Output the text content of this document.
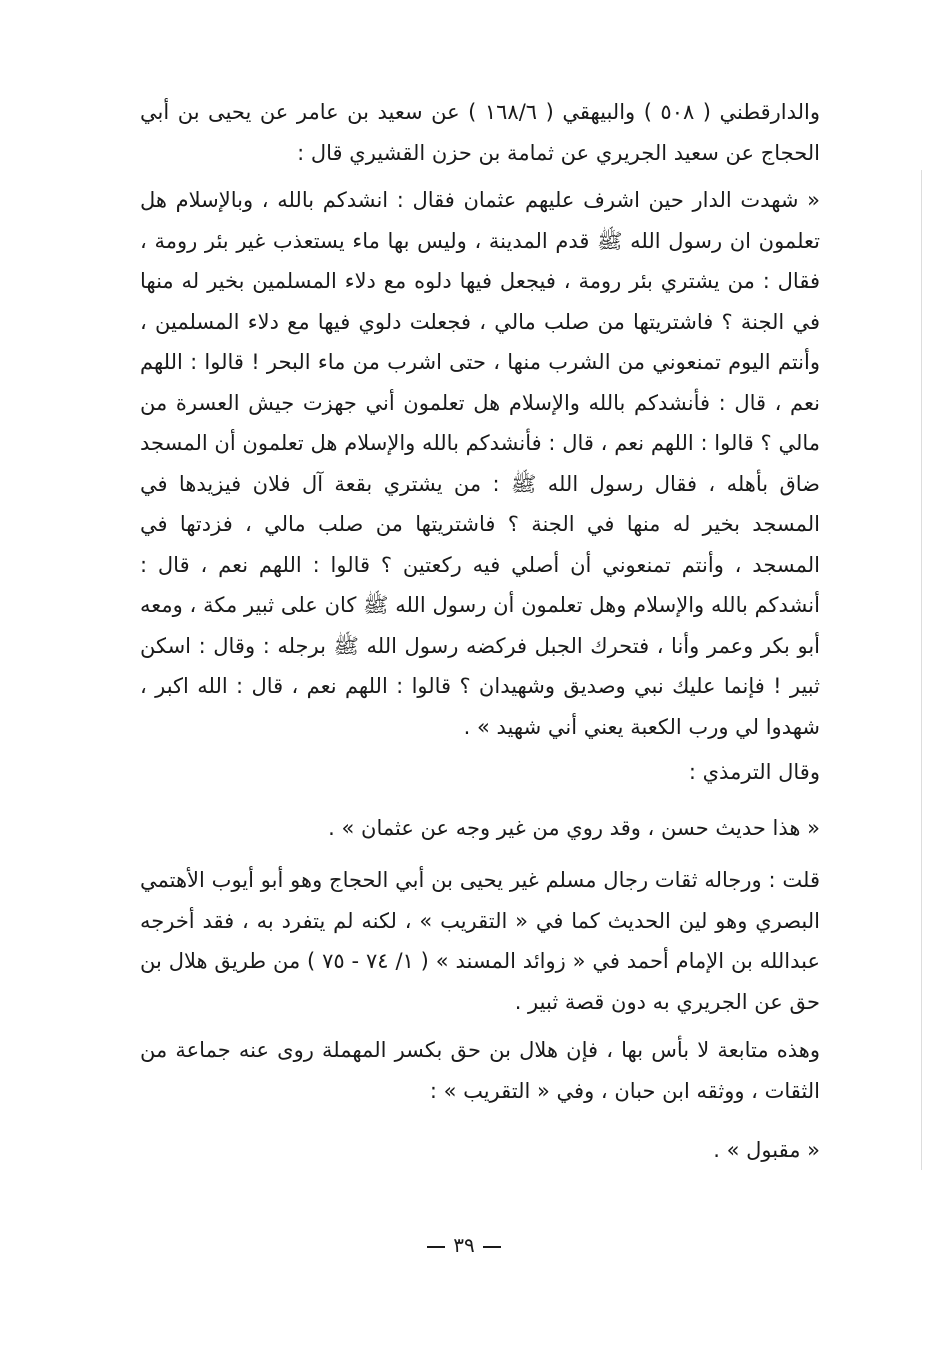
والدارقطني ( ٥٠٨ ) والبيهقي ( ١٦٨/٦ ) عن سعيد بن عامر عن يحيى بن أبي الحجاج عن سعيد الجريري عن ثمامة بن حزن القشيري قال :

« شهدت الدار حين اشرف عليهم عثمان فقال : انشدكم بالله ، وبالإسلام هل تعلمون ان رسول الله ﷺ قدم المدينة ، وليس بها ماء يستعذب غير بئر رومة ، فقال : من يشتري بئر رومة ، فيجعل فيها دلوه مع دلاء المسلمين بخير له منها في الجنة ؟ فاشتريتها من صلب مالي ، فجعلت دلوي فيها مع دلاء المسلمين ، وأنتم اليوم تمنعوني من الشرب منها ، حتى اشرب من ماء البحر ! قالوا : اللهم نعم ، قال : فأنشدكم بالله والإسلام هل تعلمون أني جهزت جيش العسرة من مالي ؟ قالوا : اللهم نعم ، قال : فأنشدكم بالله والإسلام هل تعلمون أن المسجد ضاق بأهله ، فقال رسول الله ﷺ : من يشتري بقعة آل فلان فيزيدها في المسجد بخير له منها في الجنة ؟ فاشتريتها من صلب مالي ، فزدتها في المسجد ، وأنتم تمنعوني أن أصلي فيه ركعتين ؟ قالوا : اللهم نعم ، قال : أنشدكم بالله والإسلام وهل تعلمون أن رسول الله ﷺ كان على ثبير مكة ، ومعه أبو بكر وعمر وأنا ، فتحرك الجبل فركضه رسول الله ﷺ برجله : وقال : اسكن ثبير ! فإنما عليك نبي وصديق وشهيدان ؟ قالوا : اللهم نعم ، قال : الله اكبر ، شهدوا لي ورب الكعبة يعني أني شهيد » .

وقال الترمذي :

« هذا حديث حسن ، وقد روي من غير وجه عن عثمان » .

قلت : ورجاله ثقات رجال مسلم غير يحيى بن أبي الحجاج وهو أبو أيوب الأهتمي البصري وهو لين الحديث كما في « التقريب » ، لكنه لم يتفرد به ، فقد أخرجه عبدالله بن الإمام أحمد في « زوائد المسند » ( ١/ ٧٤ - ٧٥ ) من طريق هلال بن حق عن الجريري به دون قصة ثبير .

وهذه متابعة لا بأس بها ، فإن هلال بن حق بكسر المهملة روى عنه جماعة من الثقات ، ووثقه ابن حبان ، وفي « التقريب » :

« مقبول » .

٣٩
